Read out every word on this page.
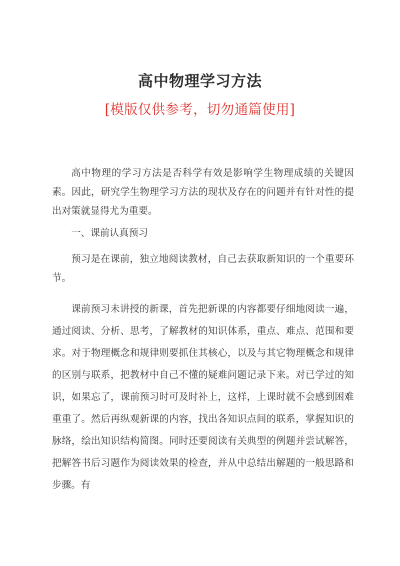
高中物理学习方法

[模版仅供参考，切勿通篇使用]

高中物理的学习方法是否科学有效是影响学生物理成绩的关键因素。因此，研究学生物理学习方法的现状及存在的问题并有针对性的提出对策就显得尤为重要。

一、课前认真预习

预习是在课前，独立地阅读教材，自己去获取新知识的一个重要环节。

课前预习未讲授的新课，首先把新课的内容都要仔细地阅读一遍，通过阅读、分析、思考，了解教材的知识体系，重点、难点、范围和要求。对于物理概念和规律则要抓住其核心，以及与其它物理概念和规律的区别与联系，把教材中自己不懂的疑难问题记录下来。对已学过的知识，如果忘了，课前预习时可及时补上，这样，上课时就不会感到困难重重了。然后再纵观新课的内容，找出各知识点间的联系，掌握知识的脉络，绘出知识结构简图。同时还要阅读有关典型的例题并尝试解答，把解答书后习题作为阅读效果的检查，并从中总结出解题的一般思路和步骤。有
